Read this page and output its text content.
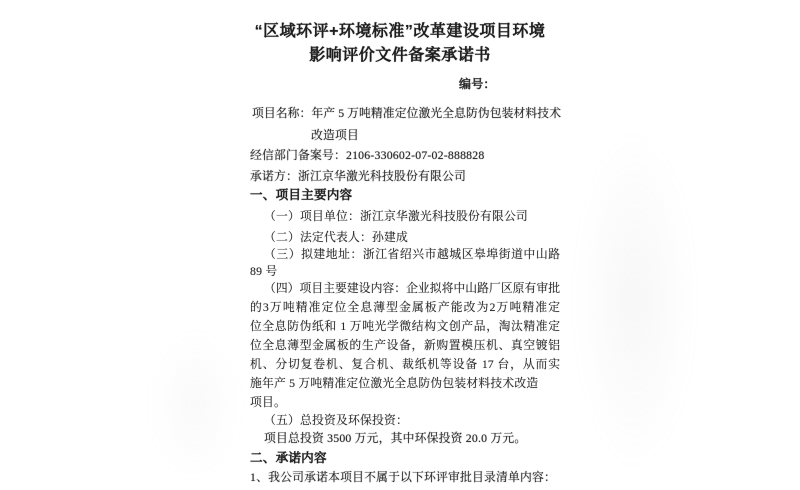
“区域环评+环境标准”改革建设项目环境
影响评价文件备案承诺书
编号：
项目名称：年产 5 万吨精准定位激光全息防伪包装材料技术
改造项目
经信部门备案号：2106-330602-07-02-888828
承诺方：浙江京华激光科技股份有限公司
一、项目主要内容
（一）项目单位：浙江京华激光科技股份有限公司
（二）法定代表人：孙建成
（三）拟建地址：浙江省绍兴市越城区皋埠街道中山路
89 号
（四）项目主要建设内容：企业拟将中山路厂区原有审批
的3万吨精准定位全息薄型金属板产能改为2万吨精准定
位全息防伪纸和 1 万吨光学微结构文创产品，淘汰精准定
位全息薄型金属板的生产设备，新购置模压机、真空镀铝
机、分切复卷机、复合机、裁纸机等设备 17 台，从而实
施年产 5 万吨精准定位激光全息防伪包装材料技术改造
项目。
（五）总投资及环保投资：
项目总投资 3500 万元，其中环保投资 20.0 万元。
二、承诺内容
1、我公司承诺本项目不属于以下环评审批目录清单内容：
